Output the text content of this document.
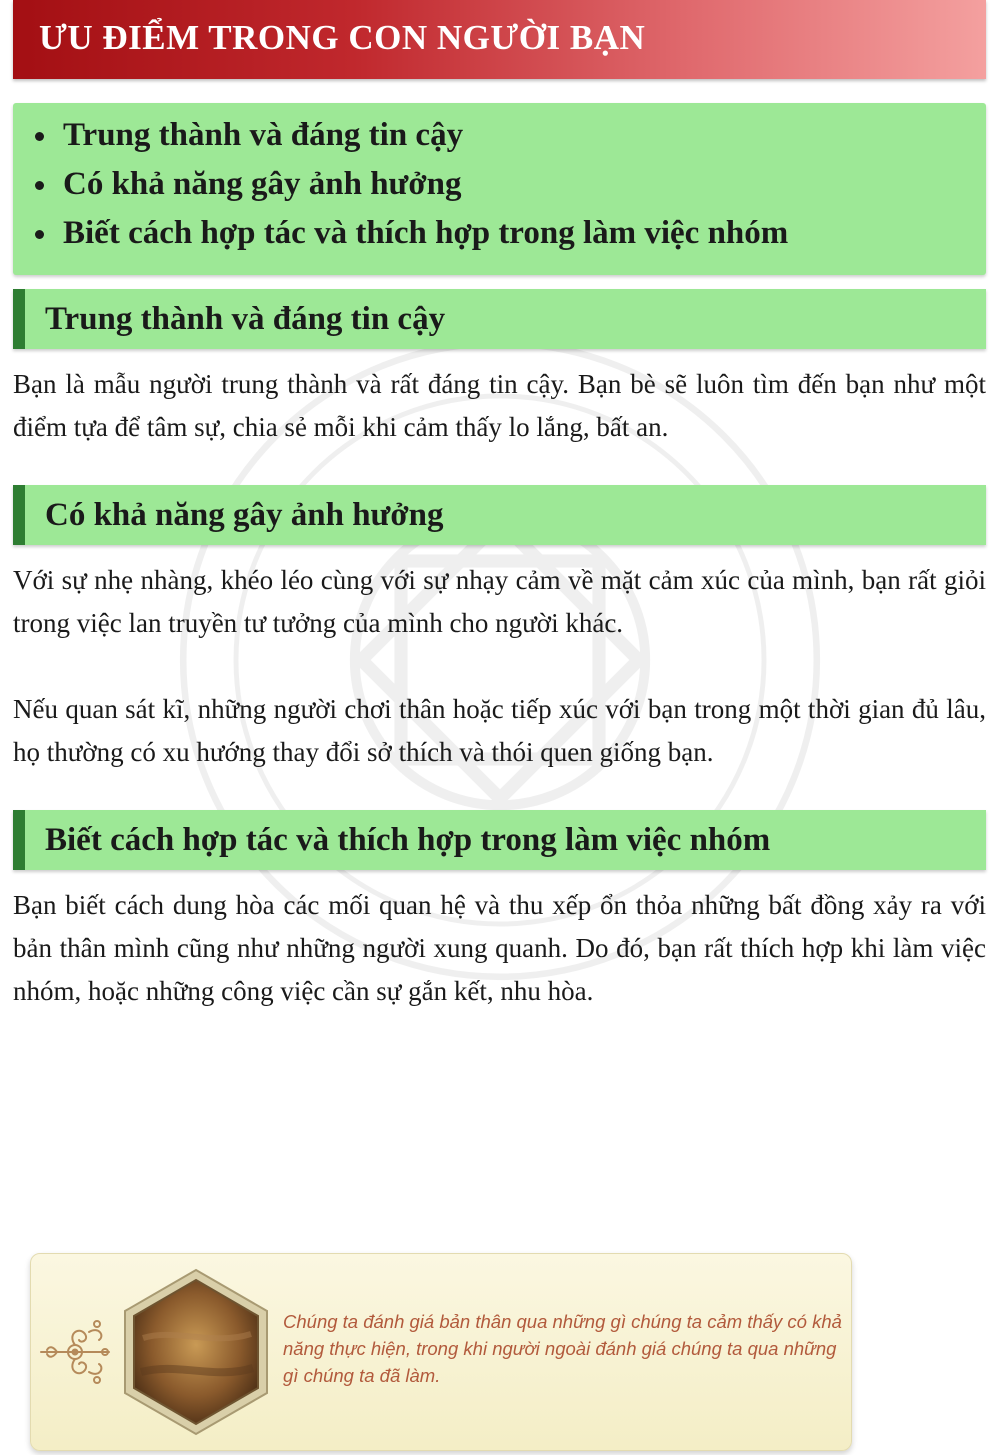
ƯU ĐIỂM TRONG CON NGƯỜI BẠN
Trung thành và đáng tin cậy
Có khả năng gây ảnh hưởng
Biết cách hợp tác và thích hợp trong làm việc nhóm
Trung thành và đáng tin cậy

Bạn là mẫu người trung thành và rất đáng tin cậy. Bạn bè sẽ luôn tìm đến bạn như một điểm tựa để tâm sự, chia sẻ mỗi khi cảm thấy lo lắng, bất an.

Có khả năng gây ảnh hưởng

Với sự nhẹ nhàng, khéo léo cùng với sự nhạy cảm về mặt cảm xúc của mình, bạn rất giỏi trong việc lan truyền tư tưởng của mình cho người khác.

Nếu quan sát kĩ, những người chơi thân hoặc tiếp xúc với bạn trong một thời gian đủ lâu, họ thường có xu hướng thay đổi sở thích và thói quen giống bạn.

Biết cách hợp tác và thích hợp trong làm việc nhóm

Bạn biết cách dung hòa các mối quan hệ và thu xếp ổn thỏa những bất đồng xảy ra với bản thân mình cũng như những người xung quanh. Do đó, bạn rất thích hợp khi làm việc nhóm, hoặc những công việc cần sự gắn kết, nhu hòa.

Chúng ta đánh giá bản thân qua những gì chúng ta cảm thấy có khả năng thực hiện, trong khi người ngoài đánh giá chúng ta qua những gì chúng ta đã làm.
